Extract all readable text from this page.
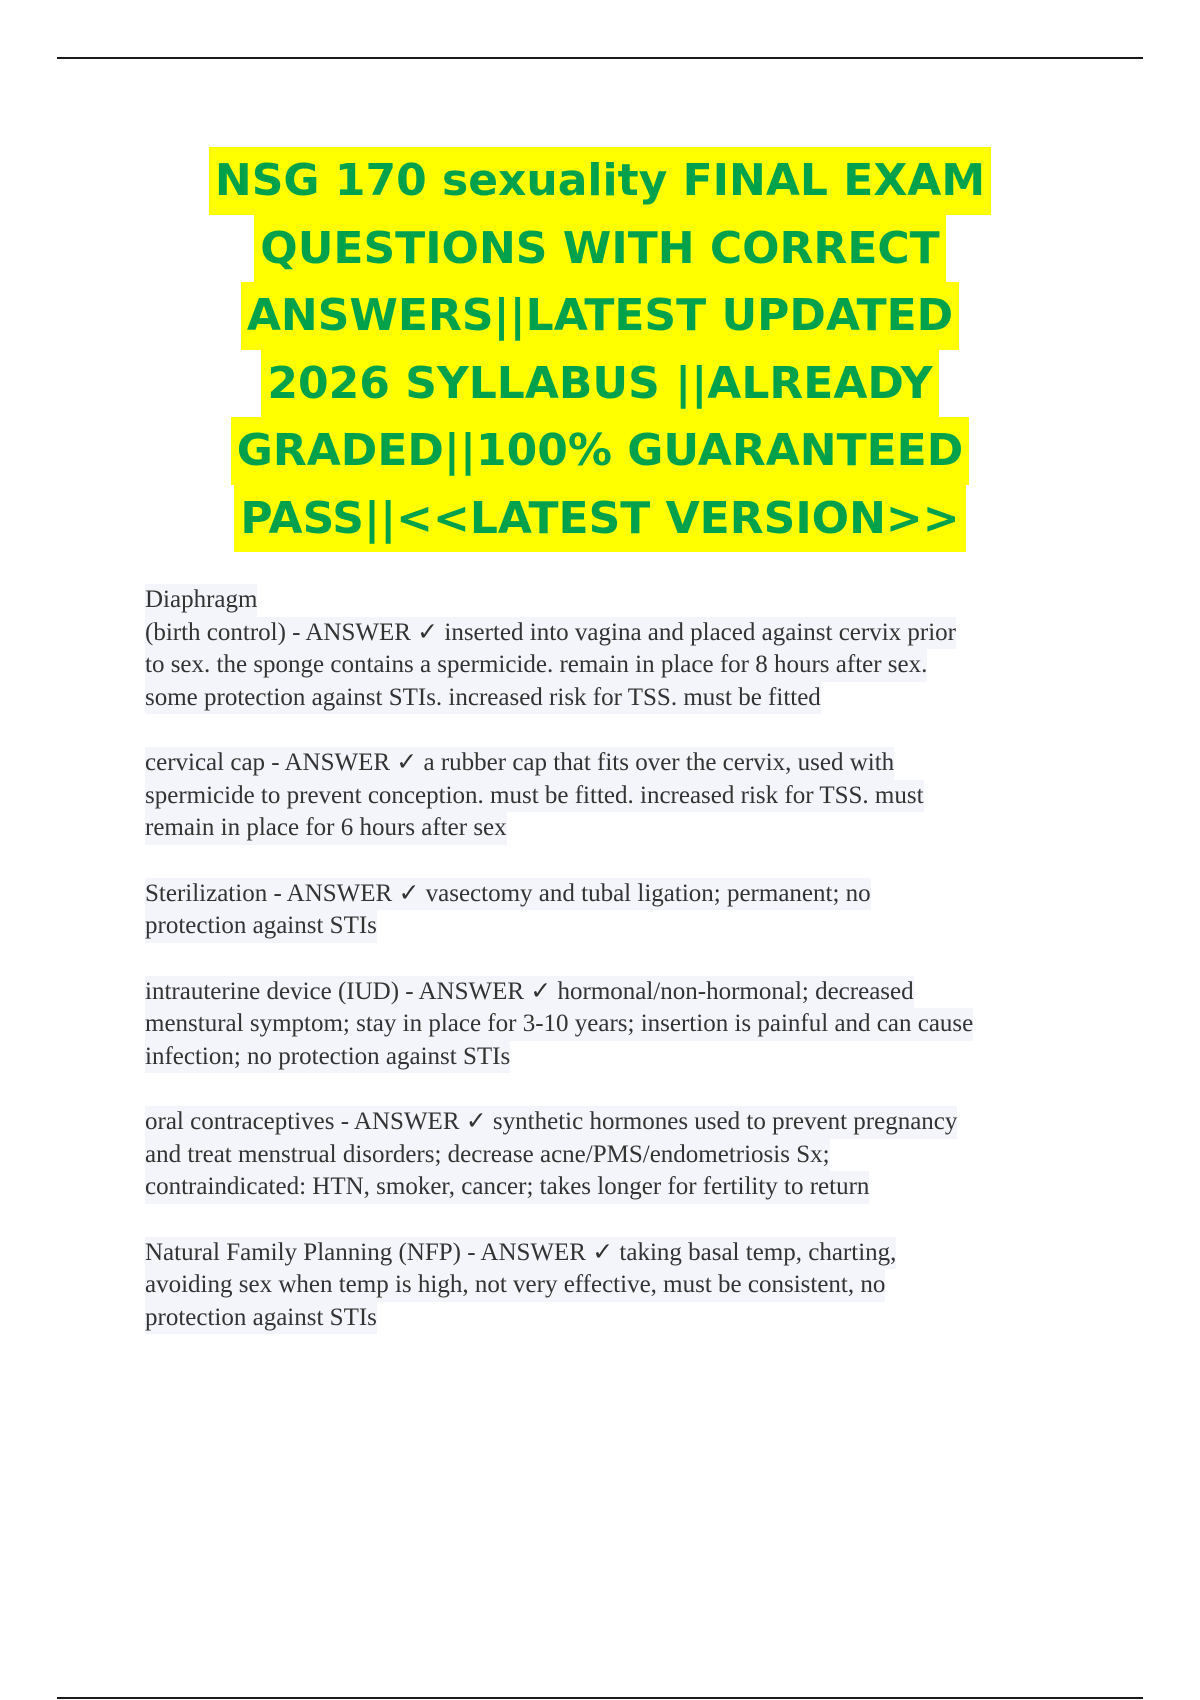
NSG 170 sexuality FINAL EXAM
QUESTIONS WITH CORRECT
ANSWERS||LATEST UPDATED
2026 SYLLABUS ||ALREADY
GRADED||100% GUARANTEED
PASS||<<LATEST VERSION>>
Diaphragm
(birth control) - ANSWER ✓ inserted into vagina and placed against cervix prior
to sex. the sponge contains a spermicide. remain in place for 8 hours after sex.
some protection against STIs. increased risk for TSS. must be fitted
cervical cap - ANSWER ✓ a rubber cap that fits over the cervix, used with
spermicide to prevent conception. must be fitted. increased risk for TSS. must
remain in place for 6 hours after sex
Sterilization - ANSWER ✓ vasectomy and tubal ligation; permanent; no
protection against STIs
intrauterine device (IUD) - ANSWER ✓ hormonal/non-hormonal; decreased
menstural symptom; stay in place for 3-10 years; insertion is painful and can cause
infection; no protection against STIs
oral contraceptives - ANSWER ✓ synthetic hormones used to prevent pregnancy
and treat menstrual disorders; decrease acne/PMS/endometriosis Sx;
contraindicated: HTN, smoker, cancer; takes longer for fertility to return
Natural Family Planning (NFP) - ANSWER ✓ taking basal temp, charting,
avoiding sex when temp is high, not very effective, must be consistent, no
protection against STIs
